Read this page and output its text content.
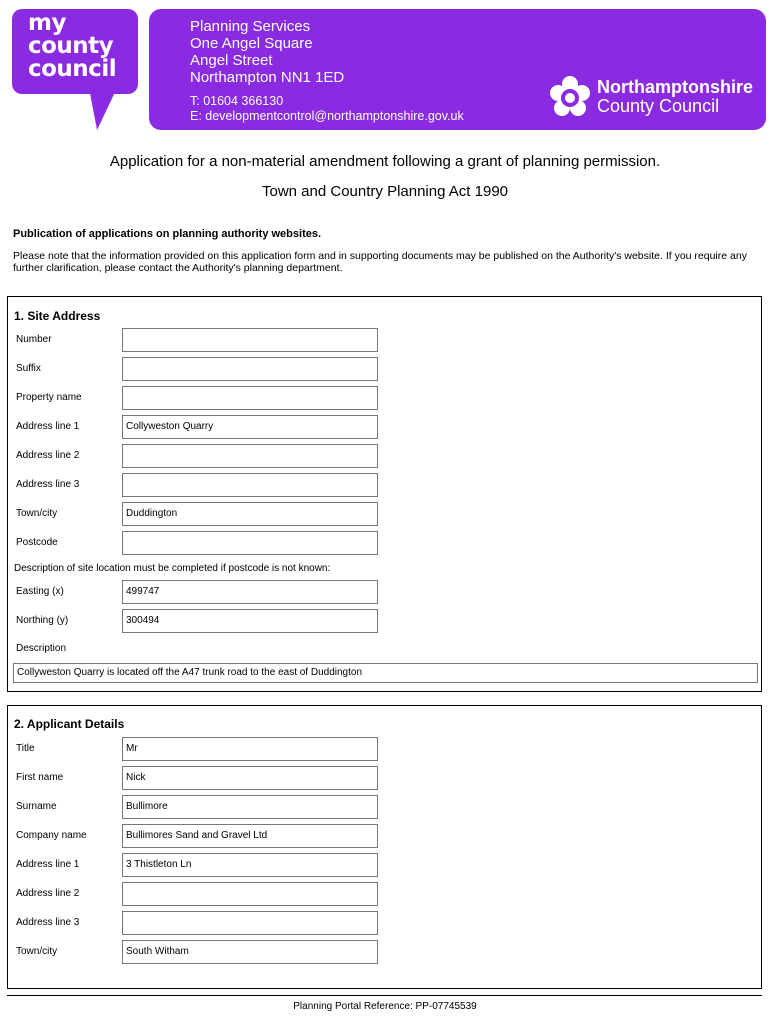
my
county
council
Planning Services
One Angel Square
Angel Street
Northampton NN1 1ED
T: 01604 366130
E: developmentcontrol@northamptonshire.gov.uk
Northamptonshire
County Council
Application for a non-material amendment following a grant of planning permission.
Town and Country Planning Act 1990
Publication of applications on planning authority websites.
Please note that the information provided on this application form and in supporting documents may be published on the Authority's website. If you require any further clarification, please contact the Authority's planning department.
1. Site Address
Number
Suffix
Property name
Address line 1	Collyweston Quarry
Address line 2
Address line 3
Town/city	Duddington
Postcode
Description of site location must be completed if postcode is not known:
Easting (x)	499747
Northing (y)	300494
Description
Collyweston Quarry is located off the A47 trunk road to the east of Duddington
2. Applicant Details
Title	Mr
First name	Nick
Surname	Bullimore
Company name	Bullimores Sand and Gravel Ltd
Address line 1	3 Thistleton Ln
Address line 2
Address line 3
Town/city	South Witham
Planning Portal Reference: PP-07745539
